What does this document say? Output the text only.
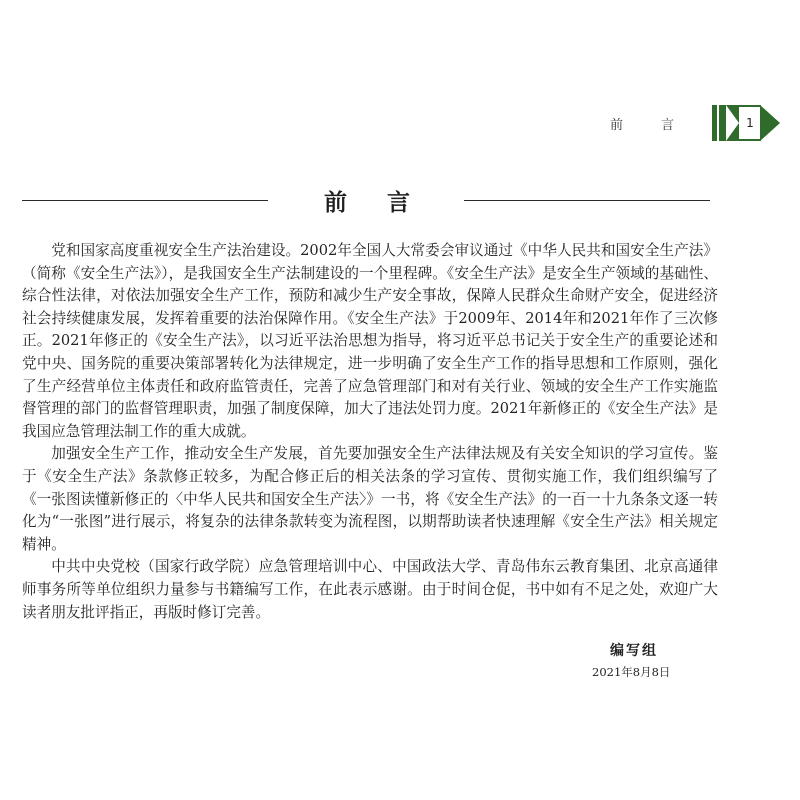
前言	1
前言

党和国家高度重视安全生产法治建设。2002年全国人大常委会审议通过《中华人民共和国安全生产法》（简称《安全生产法》），是我国安全生产法制建设的一个里程碑。《安全生产法》是安全生产领域的基础性、综合性法律，对依法加强安全生产工作，预防和减少生产安全事故，保障人民群众生命财产安全，促进经济社会持续健康发展，发挥着重要的法治保障作用。《安全生产法》于2009年、2014年和2021年作了三次修正。2021年修正的《安全生产法》，以习近平法治思想为指导，将习近平总书记关于安全生产的重要论述和党中央、国务院的重要决策部署转化为法律规定，进一步明确了安全生产工作的指导思想和工作原则，强化了生产经营单位主体责任和政府监管责任，完善了应急管理部门和对有关行业、领域的安全生产工作实施监督管理的部门的监督管理职责，加强了制度保障，加大了违法处罚力度。2021年新修正的《安全生产法》是我国应急管理法制工作的重大成就。

加强安全生产工作，推动安全生产发展，首先要加强安全生产法律法规及有关安全知识的学习宣传。鉴于《安全生产法》条款修正较多，为配合修正后的相关法条的学习宣传、贯彻实施工作，我们组织编写了《一张图读懂新修正的〈中华人民共和国安全生产法〉》一书，将《安全生产法》的一百一十九条条文逐一转化为“一张图”进行展示，将复杂的法律条款转变为流程图，以期帮助读者快速理解《安全生产法》相关规定精神。

中共中央党校（国家行政学院）应急管理培训中心、中国政法大学、青岛伟东云教育集团、北京高通律师事务所等单位组织力量参与书籍编写工作，在此表示感谢。由于时间仓促，书中如有不足之处，欢迎广大读者朋友批评指正，再版时修订完善。

编写组
2021年8月8日
